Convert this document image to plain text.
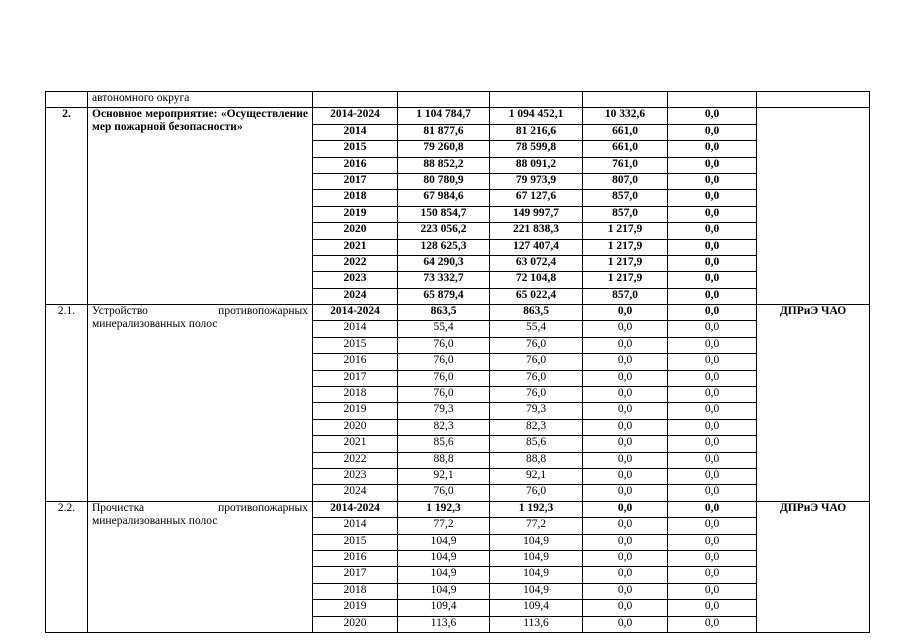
	автономного округа						
2.	Основное мероприятие: «Осуществление мер пожарной безопасности»	2014-2024	1 104 784,7	1 094 452,1	10 332,6	0,0	
		2014	81 877,6	81 216,6	661,0	0,0	
		2015	79 260,8	78 599,8	661,0	0,0	
		2016	88 852,2	88 091,2	761,0	0,0	
		2017	80 780,9	79 973,9	807,0	0,0	
		2018	67 984,6	67 127,6	857,0	0,0	
		2019	150 854,7	149 997,7	857,0	0,0	
		2020	223 056,2	221 838,3	1 217,9	0,0	
		2021	128 625,3	127 407,4	1 217,9	0,0	
		2022	64 290,3	63 072,4	1 217,9	0,0	
		2023	73 332,7	72 104,8	1 217,9	0,0	
		2024	65 879,4	65 022,4	857,0	0,0	
2.1.	Устройство противопожарных минерализованных полос	2014-2024	863,5	863,5	0,0	0,0	ДПРиЭ ЧАО
		2014	55,4	55,4	0,0	0,0	
		2015	76,0	76,0	0,0	0,0	
		2016	76,0	76,0	0,0	0,0	
		2017	76,0	76,0	0,0	0,0	
		2018	76,0	76,0	0,0	0,0	
		2019	79,3	79,3	0,0	0,0	
		2020	82,3	82,3	0,0	0,0	
		2021	85,6	85,6	0,0	0,0	
		2022	88,8	88,8	0,0	0,0	
		2023	92,1	92,1	0,0	0,0	
		2024	76,0	76,0	0,0	0,0	
2.2.	Прочистка противопожарных минерализованных полос	2014-2024	1 192,3	1 192,3	0,0	0,0	ДПРиЭ ЧАО
		2014	77,2	77,2	0,0	0,0	
		2015	104,9	104,9	0,0	0,0	
		2016	104,9	104,9	0,0	0,0	
		2017	104,9	104,9	0,0	0,0	
		2018	104,9	104,9	0,0	0,0	
		2019	109,4	109,4	0,0	0,0	
		2020	113,6	113,6	0,0	0,0	
